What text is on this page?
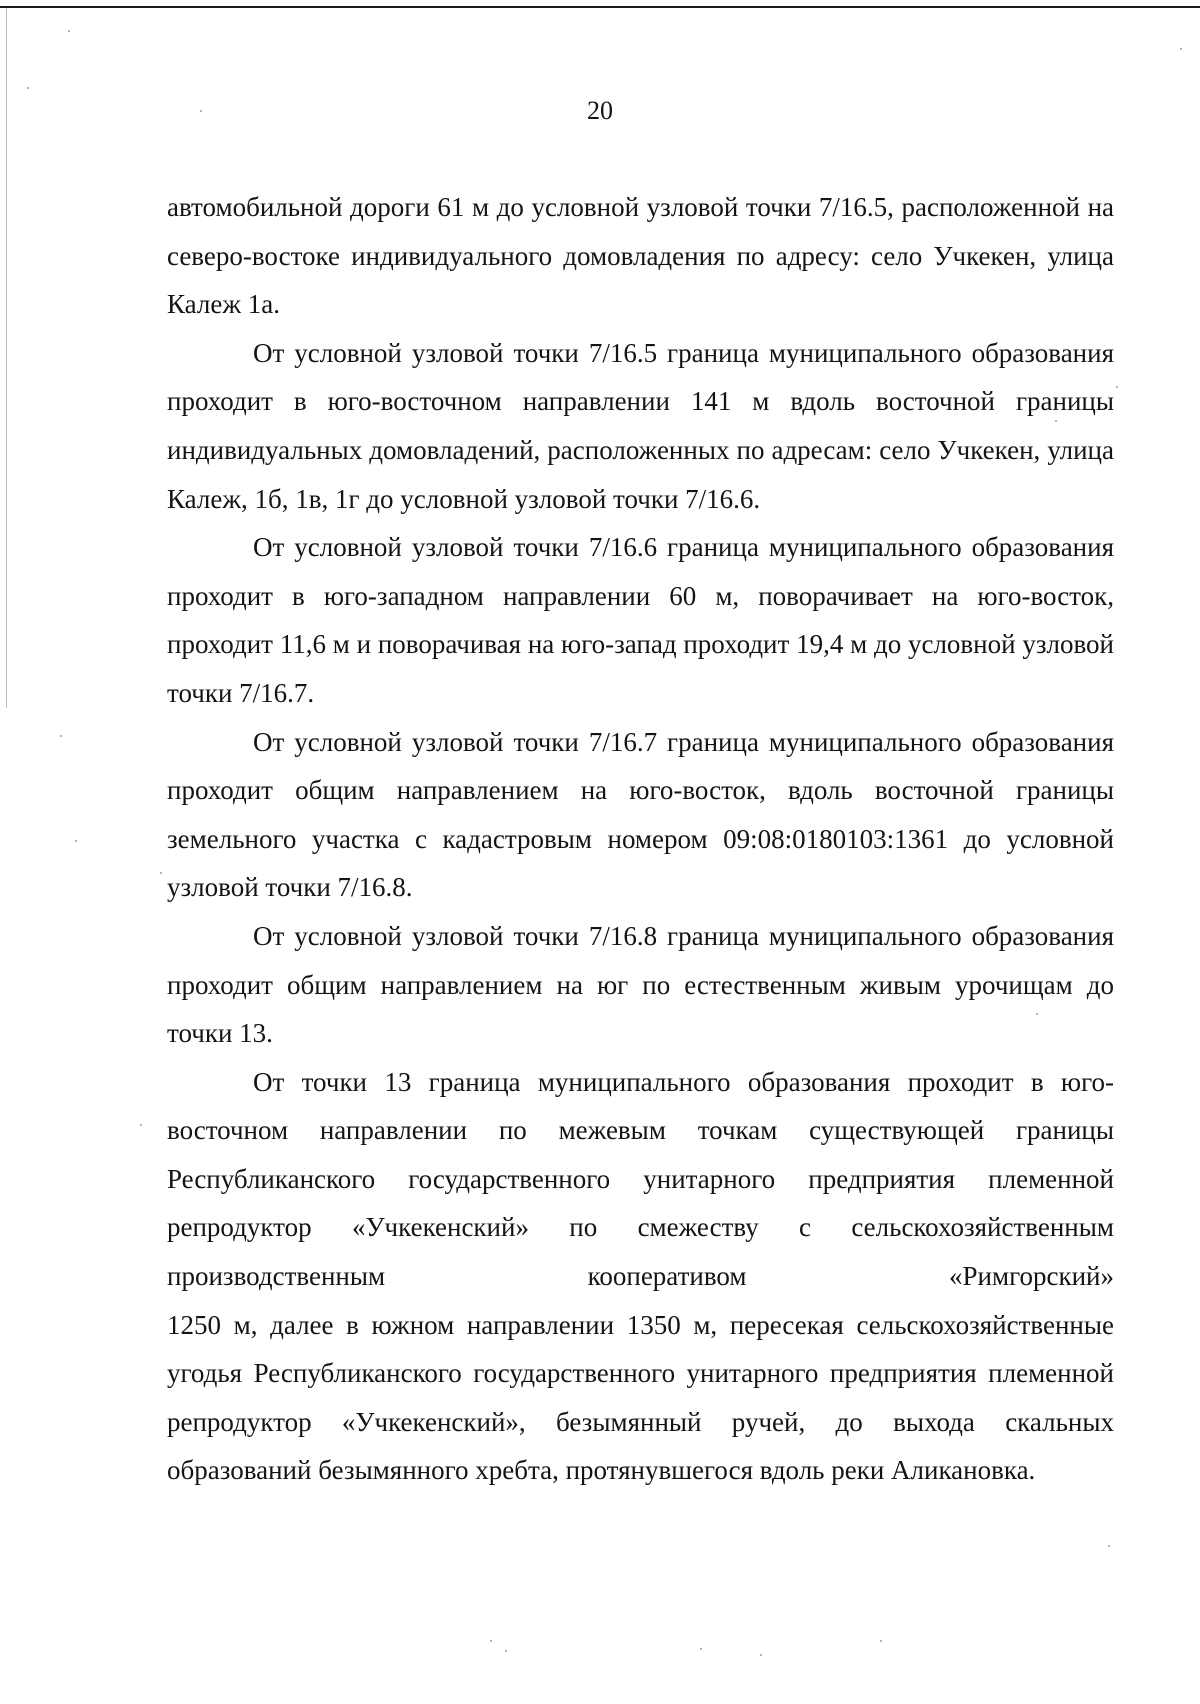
20

автомобильной дороги 61 м до условной узловой точки 7/16.5, расположенной на северо-востоке индивидуального домовладения по адресу: село Учкекен, улица Калеж 1а.

От условной узловой точки 7/16.5 граница муниципального образования проходит в юго-восточном направлении 141 м вдоль восточной границы индивидуальных домовладений, расположенных по адресам: село Учкекен, улица Калеж, 1б, 1в, 1г до условной узловой точки 7/16.6.

От условной узловой точки 7/16.6 граница муниципального образования проходит в юго-западном направлении 60 м, поворачивает на юго-восток, проходит 11,6 м и поворачивая на юго-запад проходит 19,4 м до условной узловой точки 7/16.7.

От условной узловой точки 7/16.7 граница муниципального образования проходит общим направлением на юго-восток, вдоль восточной границы земельного участка с кадастровым номером 09:08:0180103:1361 до условной узловой точки 7/16.8.

От условной узловой точки 7/16.8 граница муниципального образования проходит общим направлением на юг по естественным живым урочищам до точки 13.

От точки 13 граница муниципального образования проходит в юго-восточном направлении по межевым точкам существующей границы Республиканского государственного унитарного предприятия племенной репродуктор «Учкекенский» по смежеству с сельскохозяйственным производственным кооперативом «Римгорский»

1250 м, далее в южном направлении 1350 м, пересекая сельскохозяйственные угодья Республиканского государственного унитарного предприятия племенной репродуктор «Учкекенский», безымянный ручей, до выхода скальных образований безымянного хребта, протянувшегося вдоль реки Аликановка.
